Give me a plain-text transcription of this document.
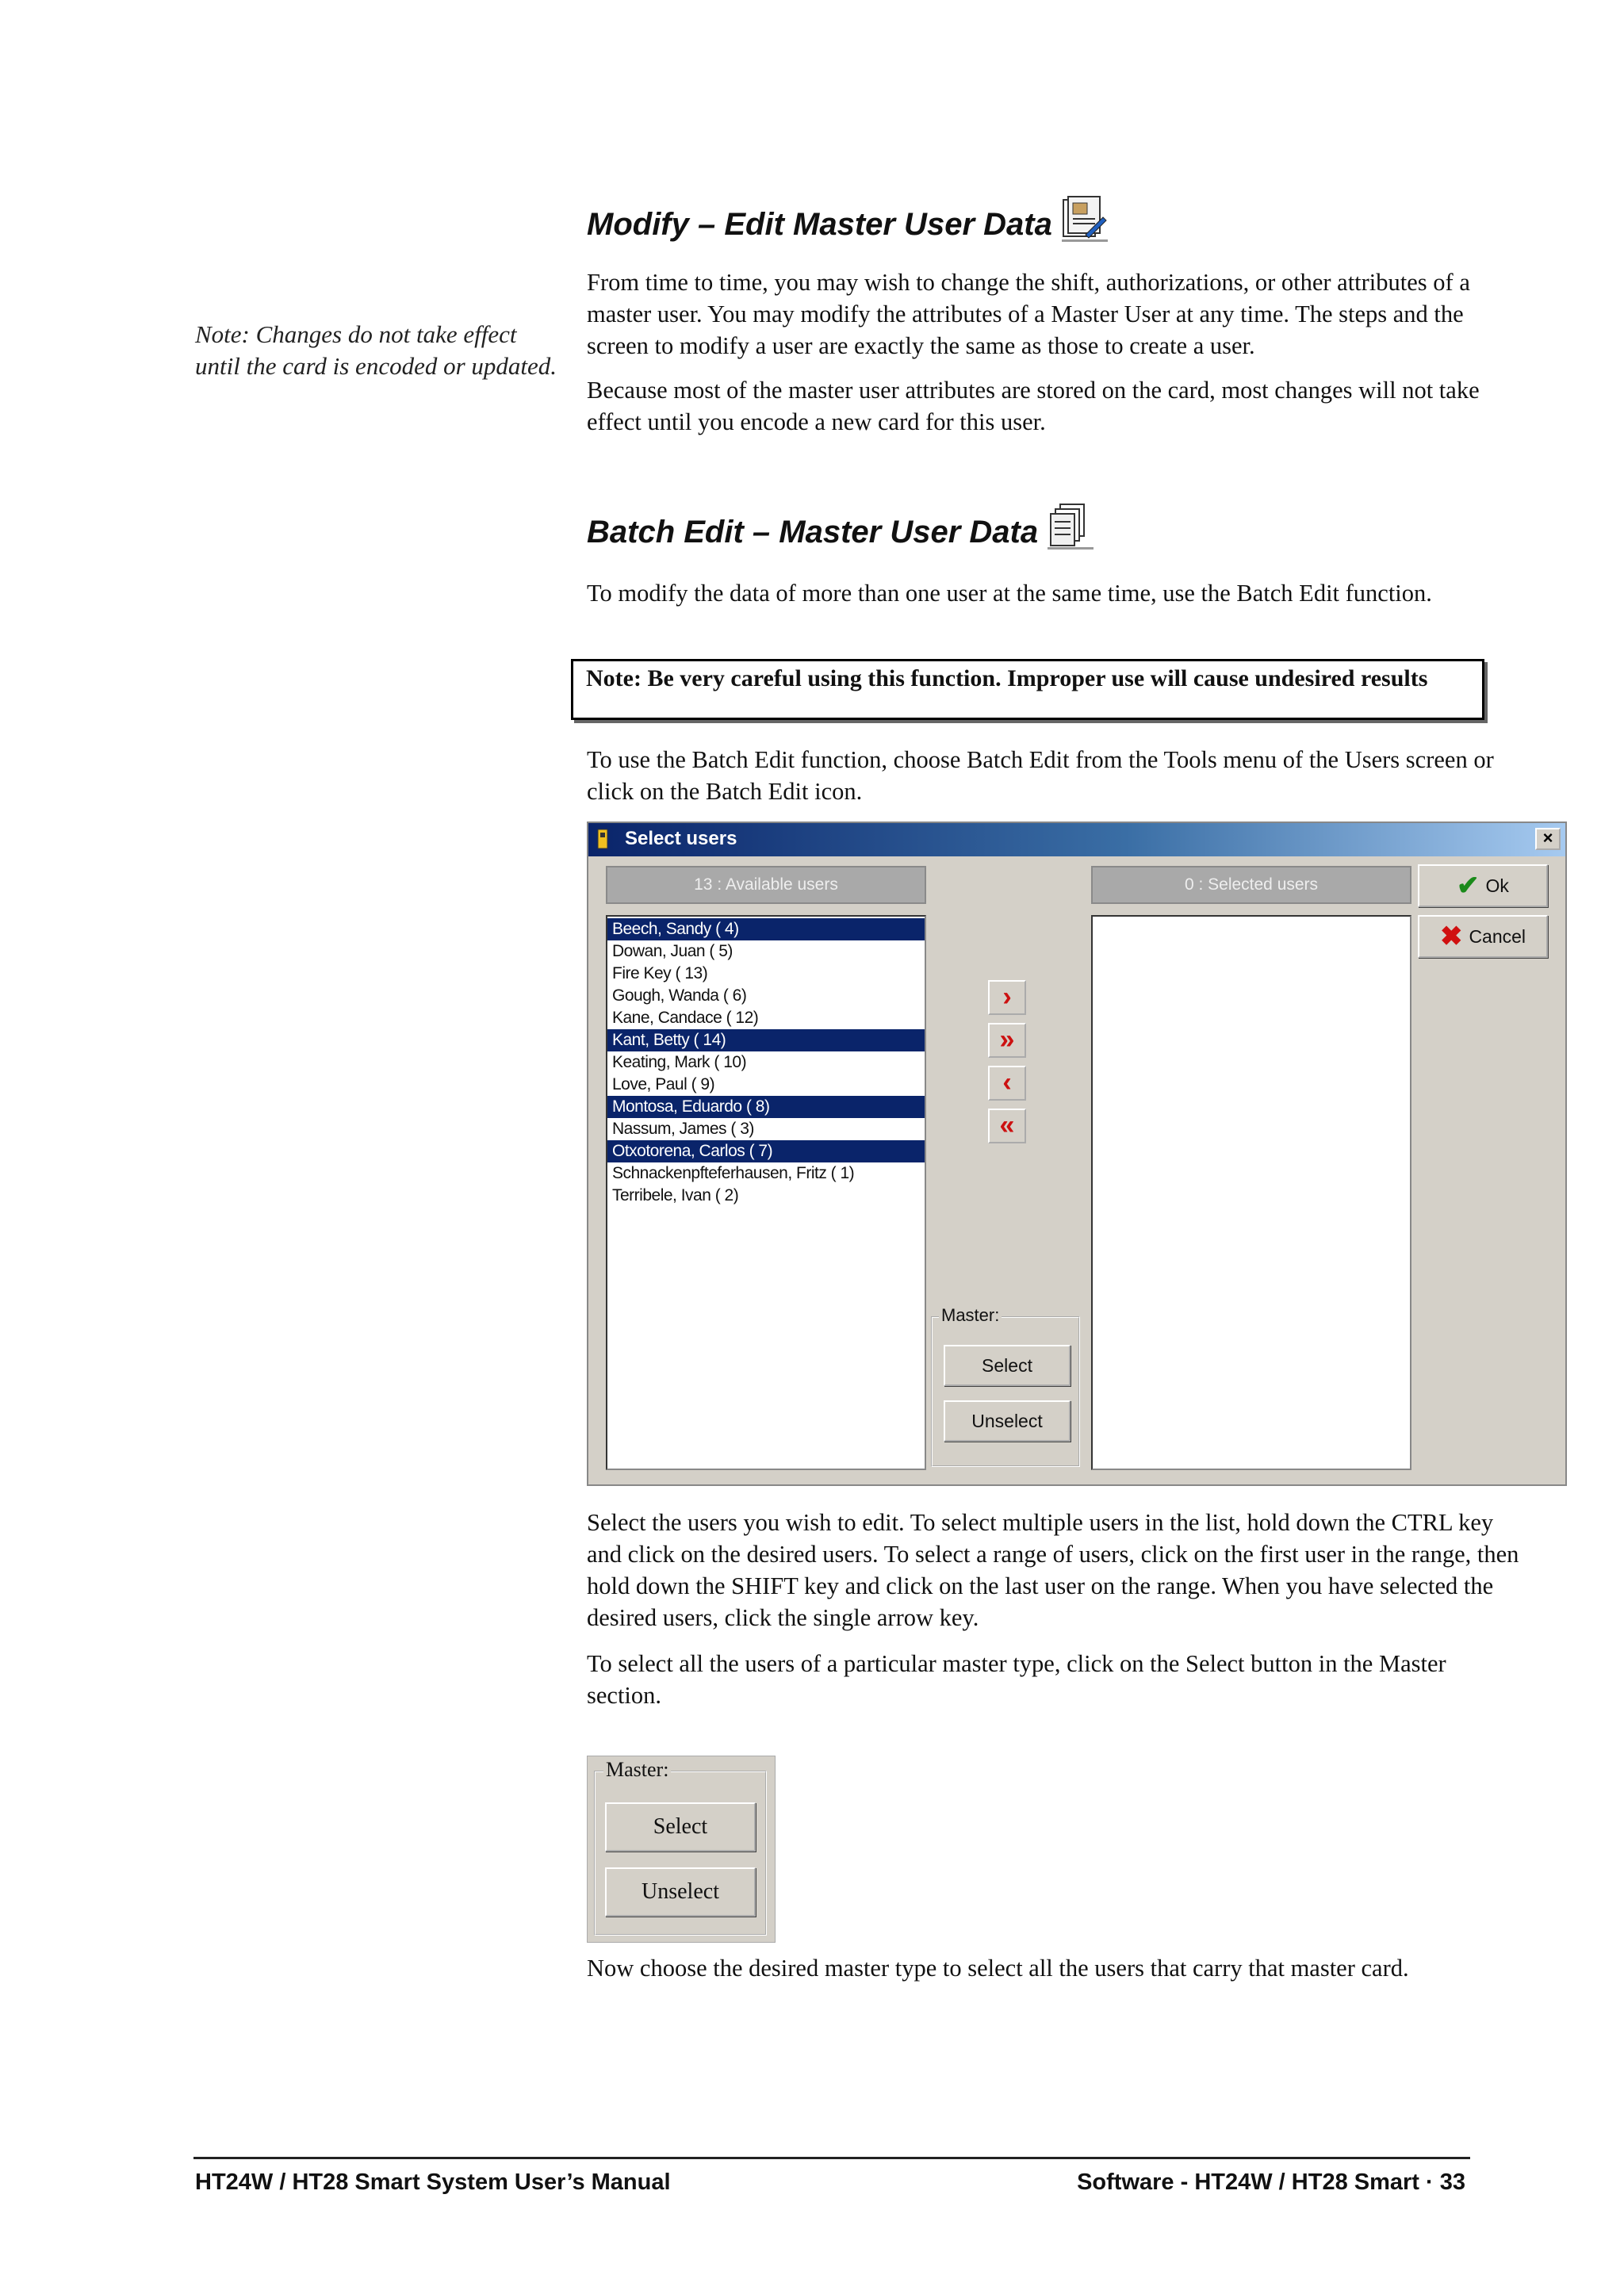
Note: Changes do not take effect until the card is encoded or updated.
Modify – Edit Master User Data

From time to time, you may wish to change the shift, authorizations, or other attributes of a master user. You may modify the attributes of a Master User at any time. The steps and the screen to modify a user are exactly the same as those to create a user.

Because most of the master user attributes are stored on the card, most changes will not take effect until you encode a new card for this user.

Batch Edit – Master User Data
To modify the data of more than one user at the same time, use the Batch Edit function.
Note: Be very careful using this function. Improper use will cause undesired results
To use the Batch Edit function, choose Batch Edit from the Tools menu of the Users screen or click on the Batch Edit icon.
Select users	×
13 : Available users
Beech, Sandy ( 4)
Dowan, Juan ( 5)
Fire Key ( 13)
Gough, Wanda ( 6)
Kane, Candace ( 12)
Kant, Betty ( 14)
Keating, Mark ( 10)
Love, Paul ( 9)
Montosa, Eduardo ( 8)
Nassum, James ( 3)
Otxotorena, Carlos ( 7)
Schnackenpfteferhausen, Fritz ( 1)
Terribele, Ivan ( 2)
›
»
‹
«
Master:
Select
Unselect
0 : Selected users	✔ Ok
✖ Cancel

Select the users you wish to edit. To select multiple users in the list, hold down the CTRL key and click on the desired users. To select a range of users, click on the first user in the range, then hold down the SHIFT key and click on the last user on the range. When you have selected the desired users, click the single arrow key.

To select all the users of a particular master type, click on the Select button in the Master section.

Master:
Select
Unselect
Now choose the desired master type to select all the users that carry that master card.
HT24W / HT28 Smart System User’s Manual	Software - HT24W / HT28 Smart · 33
